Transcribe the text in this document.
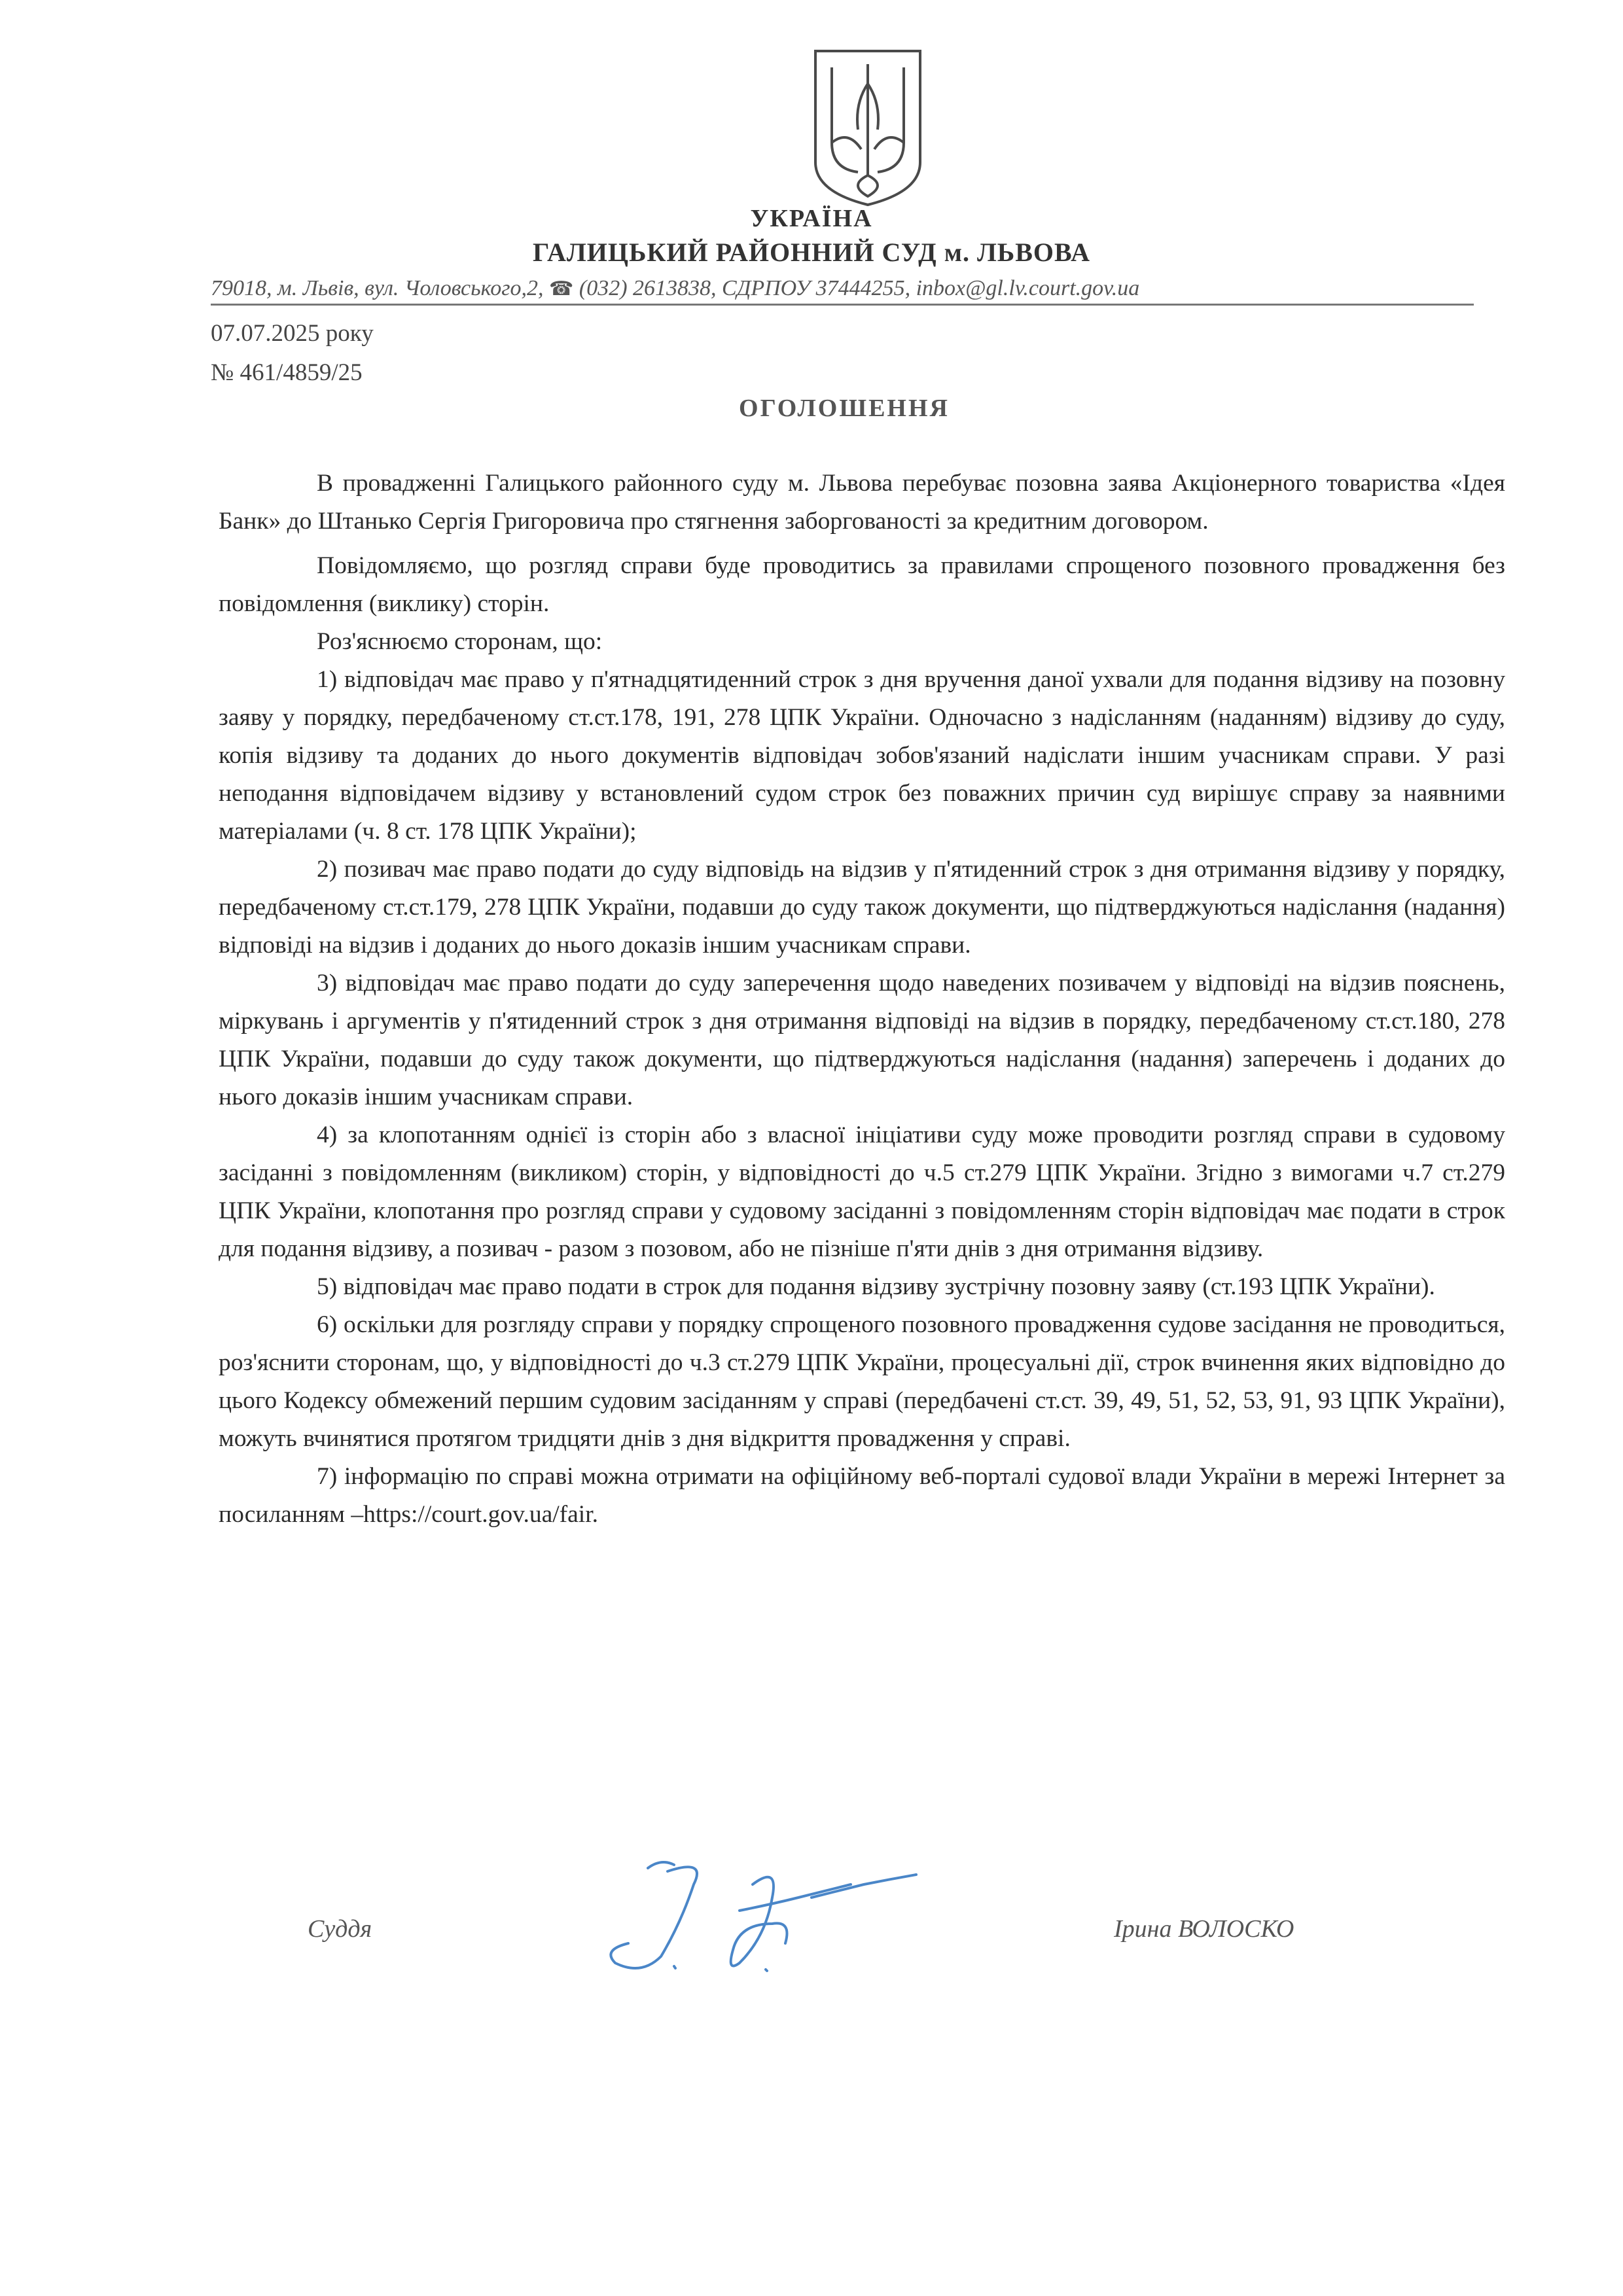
УКРАЇНА
ГАЛИЦЬКИЙ РАЙОННИЙ СУД м. ЛЬВОВА
79018, м. Львів, вул. Чоловського,2, ☎ (032) 2613838, СДРПОУ 37444255, inbox@gl.lv.court.gov.ua
07.07.2025 року
№ 461/4859/25
ОГОЛОШЕННЯ

В провадженні Галицького районного суду м. Львова перебуває позовна заява Акціонерного товариства «Ідея Банк» до Штанько Сергія Григоровича про стягнення заборгованості за кредитним договором.

Повідомляємо, що розгляд справи буде проводитись за правилами спрощеного позовного провадження без повідомлення (виклику) сторін.

Роз'яснюємо сторонам, що:

1) відповідач має право у п'ятнадцятиденний строк з дня вручення даної ухвали для подання відзиву на позовну заяву у порядку, передбаченому ст.ст.178, 191, 278 ЦПК України. Одночасно з надісланням (наданням) відзиву до суду, копія відзиву та доданих до нього документів відповідач зобов'язаний надіслати іншим учасникам справи. У разі неподання відповідачем відзиву у встановлений судом строк без поважних причин суд вирішує справу за наявними матеріалами (ч. 8 ст. 178 ЦПК України);

2) позивач має право подати до суду відповідь на відзив у п'ятиденний строк з дня отримання відзиву у порядку, передбаченому ст.ст.179, 278 ЦПК України, подавши до суду також документи, що підтверджуються надіслання (надання) відповіді на відзив і доданих до нього доказів іншим учасникам справи.

3) відповідач має право подати до суду заперечення щодо наведених позивачем у відповіді на відзив пояснень, міркувань і аргументів у п'ятиденний строк з дня отримання відповіді на відзив в порядку, передбаченому ст.ст.180, 278 ЦПК України, подавши до суду також документи, що підтверджуються надіслання (надання) заперечень і доданих до нього доказів іншим учасникам справи.

4) за клопотанням однієї із сторін або з власної ініціативи суду може проводити розгляд справи в судовому засіданні з повідомленням (викликом) сторін, у відповідності до ч.5 ст.279 ЦПК України. Згідно з вимогами ч.7 ст.279 ЦПК України, клопотання про розгляд справи у судовому засіданні з повідомленням сторін відповідач має подати в строк для подання відзиву, а позивач - разом з позовом, або не пізніше п'яти днів з дня отримання відзиву.

5) відповідач має право подати в строк для подання відзиву зустрічну позовну заяву (ст.193 ЦПК України).

6) оскільки для розгляду справи у порядку спрощеного позовного провадження судове засідання не проводиться, роз'яснити сторонам, що, у відповідності до ч.3 ст.279 ЦПК України, процесуальні дії, строк вчинення яких відповідно до цього Кодексу обмежений першим судовим засіданням у справі (передбачені ст.ст. 39, 49, 51, 52, 53, 91, 93 ЦПК України), можуть вчинятися протягом тридцяти днів з дня відкриття провадження у справі.

7) інформацію по справі можна отримати на офіційному веб-порталі судової влади України в мережі Інтернет за посиланням –https://court.gov.ua/fair.

Суддя	Ірина ВОЛОСКО
